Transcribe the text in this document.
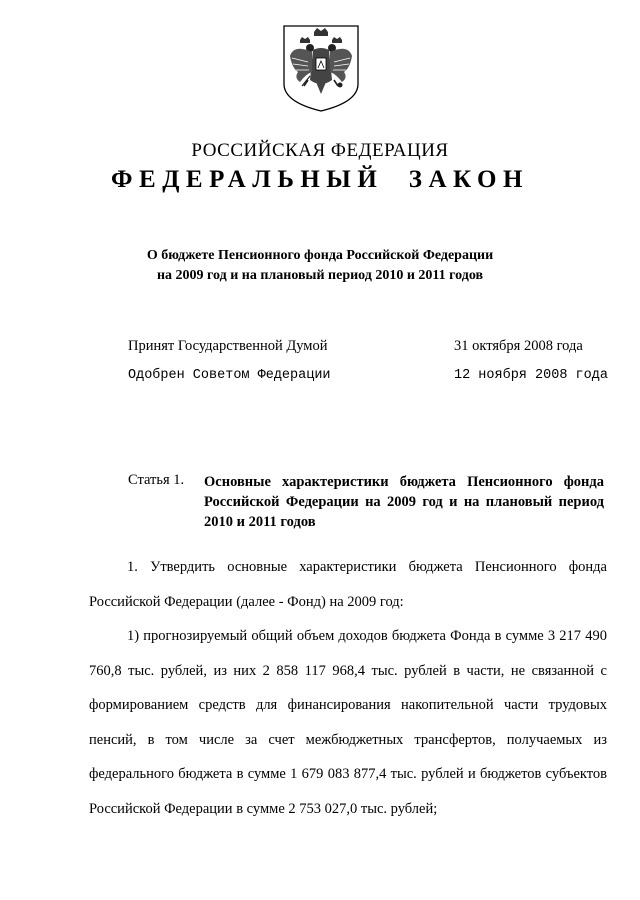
РОССИЙСКАЯ ФЕДЕРАЦИЯ
ФЕДЕРАЛЬНЫЙ  ЗАКОН
О бюджете Пенсионного фонда Российской Федерации
на 2009 год и на плановый период 2010 и 2011 годов
Принят Государственной Думой	31 октября 2008 года
Одобрен Советом Федерации	12 ноября 2008 года
Статья 1. Основные характеристики бюджета Пенсионного фонда Российской Федерации на 2009 год и на плановый период 2010 и 2011 годов

1. Утвердить основные характеристики бюджета Пенсионного фонда Российской Федерации (далее - Фонд) на 2009 год:

1) прогнозируемый общий объем доходов бюджета Фонда в сумме 3 217 490 760,8 тыс. рублей, из них 2 858 117 968,4 тыс. рублей в части, не связанной с формированием средств для финансирования накопительной части трудовых пенсий, в том числе за счет межбюджетных трансфертов, получаемых из федерального бюджета в сумме 1 679 083 877,4 тыс. рублей и бюджетов субъектов Российской Федерации в сумме 2 753 027,0 тыс. рублей;
